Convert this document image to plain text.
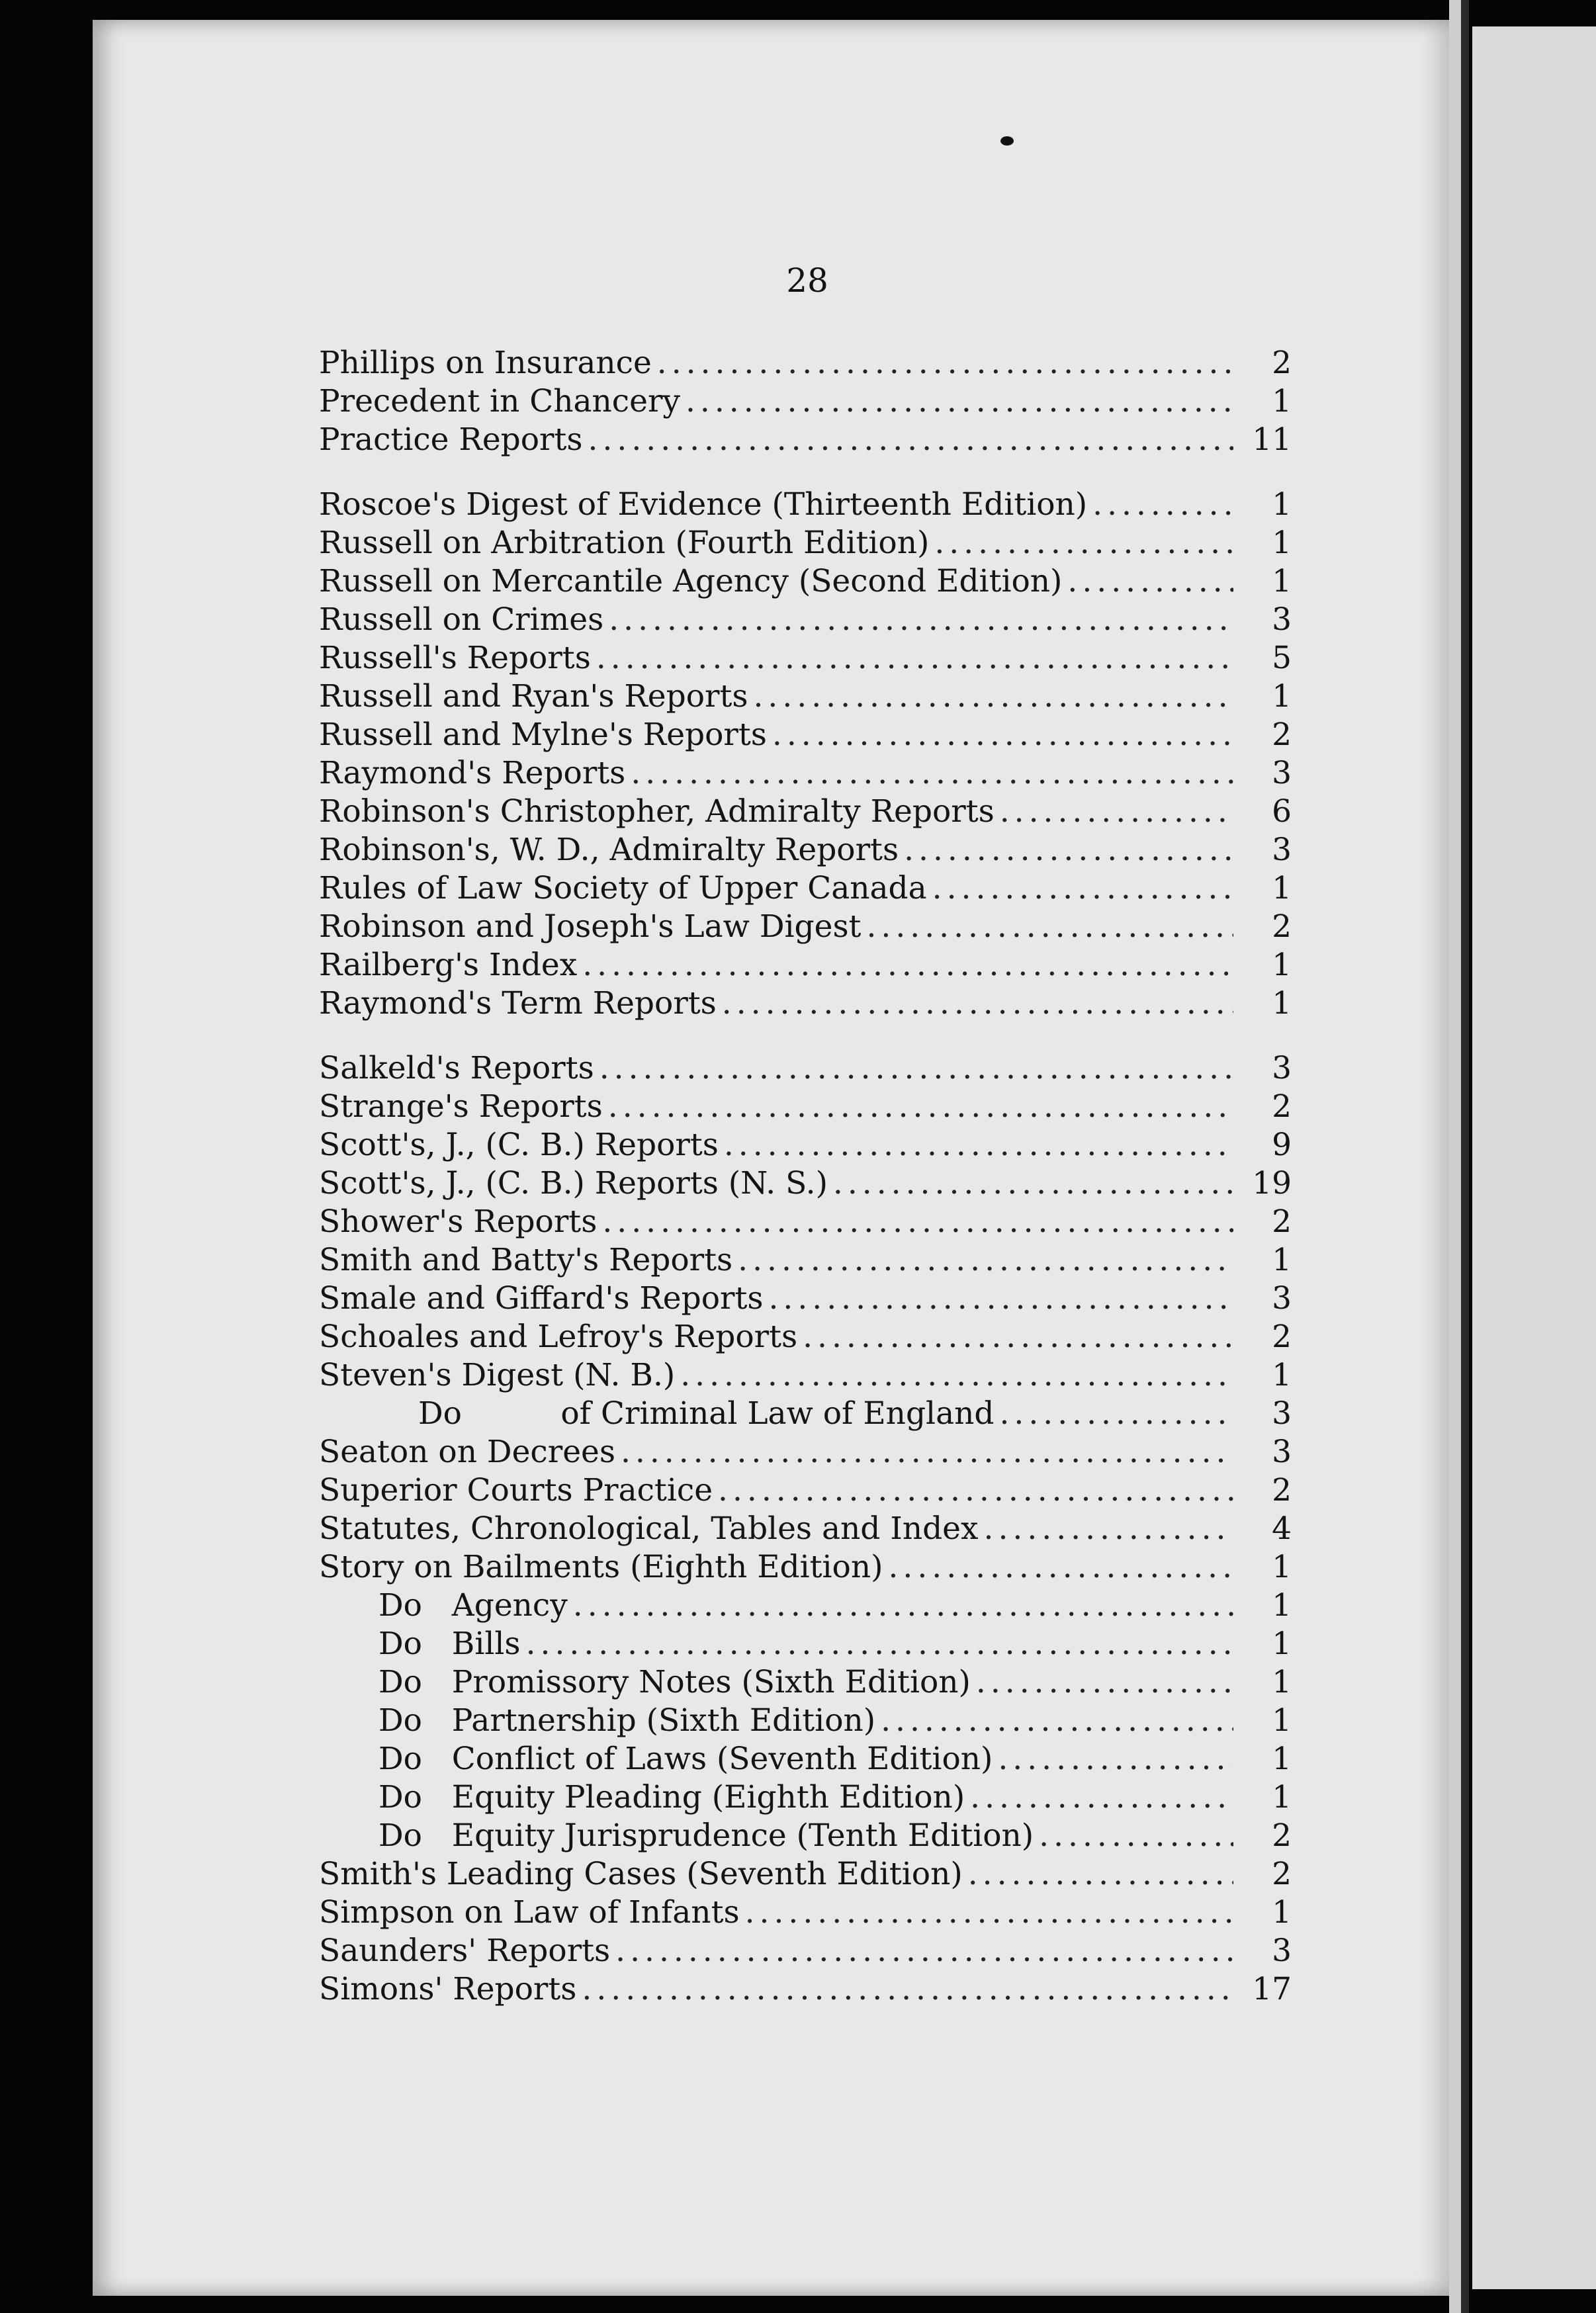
28
Phillips on Insurance .....	2
Precedent in Chancery .....	1
Practice Reports .....	11
Roscoe's Digest of Evidence (Thirteenth Edition) .....	1
Russell on Arbitration (Fourth Edition) .....	1
Russell on Mercantile Agency (Second Edition) .....	1
Russell on Crimes .....	3
Russell's Reports .....	5
Russell and Ryan's Reports .....	1
Russell and Mylne's Reports .....	2
Raymond's Reports .....	3
Robinson's Christopher, Admiralty Reports .....	6
Robinson's, W. D., Admiralty Reports .....	3
Rules of Law Society of Upper Canada .....	1
Robinson and Joseph's Law Digest .....	2
Railberg's Index .....	1
Raymond's Term Reports .....	1
Salkeld's Reports .....	3
Strange's Reports .....	2
Scott's, J., (C. B.) Reports .....	9
Scott's, J., (C. B.) Reports (N. S.) .....	19
Shower's Reports .....	2
Smith and Batty's Reports .....	1
Smale and Giffard's Reports .....	3
Schoales and Lefroy's Reports .....	2
Steven's Digest (N. B.) .....	1
Do          of Criminal Law of England .....	3
Seaton on Decrees .....	3
Superior Courts Practice .....	2
Statutes, Chronological, Tables and Index .....	4
Story on Bailments (Eighth Edition) .....	1
Do   Agency .....	1
Do   Bills .....	1
Do   Promissory Notes (Sixth Edition) .....	1
Do   Partnership (Sixth Edition) .....	1
Do   Conflict of Laws (Seventh Edition) .....	1
Do   Equity Pleading (Eighth Edition) .....	1
Do   Equity Jurisprudence (Tenth Edition) .....	2
Smith's Leading Cases (Seventh Edition) .....	2
Simpson on Law of Infants .....	1
Saunders' Reports .....	3
Simons' Reports .....	17
